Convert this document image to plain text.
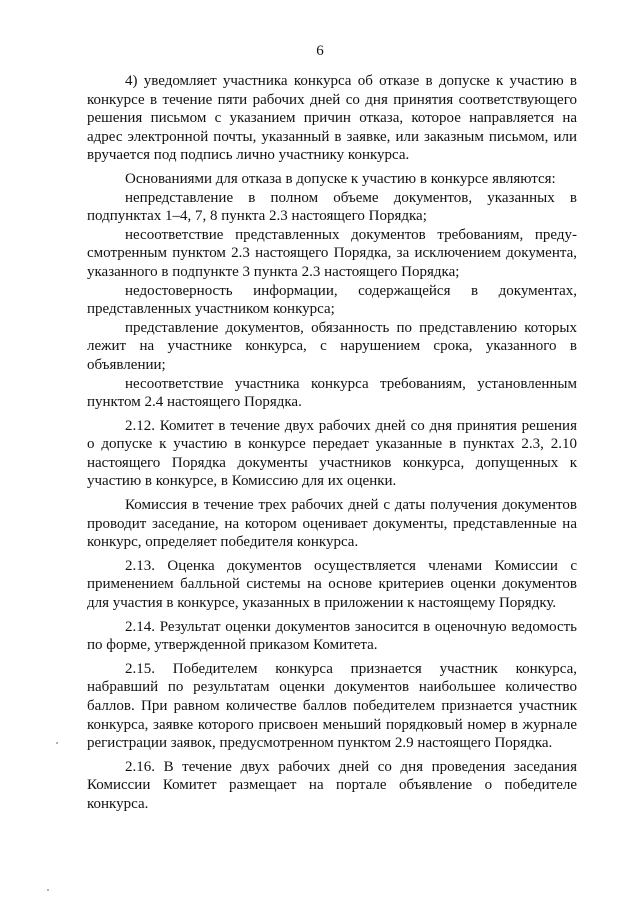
6

4) уведомляет участника конкурса об отказе в допуске к участию в конкурсе в течение пяти рабочих дней со дня принятия соответствующего решения письмом с указанием причин отказа, которое направляется на адрес электронной почты, указанный в заявке, или заказным письмом, или вручается под подпись лично участнику конкурса.

Основаниями для отказа в допуске к участию в конкурсе являются:

непредставление в полном объеме документов, указанных в подпунктах 1–4, 7, 8 пункта 2.3 настоящего Порядка;

несоответствие представленных документов требованиям, преду-смотренным пунктом 2.3 настоящего Порядка, за исключением документа, указанного в подпункте 3 пункта 2.3 настоящего Порядка;

недостоверность информации, содержащейся в документах, представленных участником конкурса;

представление документов, обязанность по представлению которых лежит на участнике конкурса, с нарушением срока, указанного в объявлении;

несоответствие участника конкурса требованиям, установленным пунктом 2.4 настоящего Порядка.

2.12. Комитет в течение двух рабочих дней со дня принятия решения о допуске к участию в конкурсе передает указанные в пунктах 2.3, 2.10 настоящего Порядка документы участников конкурса, допущенных к участию в конкурсе, в Комиссию для их оценки.

Комиссия в течение трех рабочих дней с даты получения документов проводит заседание, на котором оценивает документы, представленные на конкурс, определяет победителя конкурса.

2.13. Оценка документов осуществляется членами Комиссии с применением балльной системы на основе критериев оценки документов для участия в конкурсе, указанных в приложении к настоящему Порядку.

2.14. Результат оценки документов заносится в оценочную ведомость по форме, утвержденной приказом Комитета.

2.15. Победителем конкурса признается участник конкурса, набравший по результатам оценки документов наибольшее количество баллов. При равном количестве баллов победителем признается участник конкурса, заявке которого присвоен меньший порядковый номер в журнале регистрации заявок, предусмотренном пунктом 2.9 настоящего Порядка.

2.16. В течение двух рабочих дней со дня проведения заседания Комиссии Комитет размещает на портале объявление о победителе конкурса.
